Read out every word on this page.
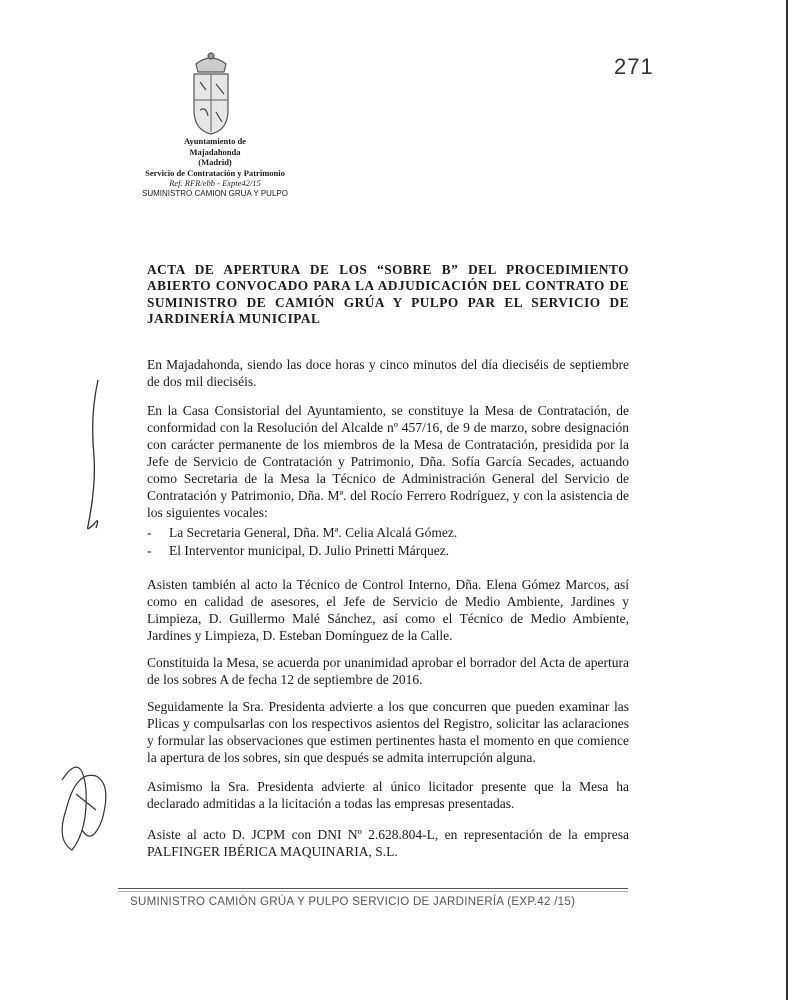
271
Ayuntamiento de
Majadahonda
(Madrid)
Servicio de Contratación y Patrimonio
Ref. RFR/ebb - Expte42/15
SUMINISTRO CAMION GRUA Y PULPO
ACTA DE APERTURA DE LOS “SOBRE B” DEL PROCEDIMIENTO ABIERTO CONVOCADO PARA LA ADJUDICACIÓN DEL CONTRATO DE SUMINISTRO DE CAMIÓN GRÚA Y PULPO PAR EL SERVICIO DE JARDINERÍA MUNICIPAL
En Majadahonda, siendo las doce horas y cinco minutos del día dieciséis de septiembre de dos mil dieciséis.
En la Casa Consistorial del Ayuntamiento, se constituye la Mesa de Contratación, de conformidad con la Resolución del Alcalde nº 457/16, de 9 de marzo, sobre designación con carácter permanente de los miembros de la Mesa de Contratación, presidida por la Jefe de Servicio de Contratación y Patrimonio, Dña. Sofía García Secades, actuando como Secretaria de la Mesa la Técnico de Administración General del Servicio de Contratación y Patrimonio, Dña. Mª. del Rocío Ferrero Rodríguez, y con la asistencia de los siguientes vocales:
-	La Secretaria General, Dña. Mª. Celia Alcalá Gómez.
-	El Interventor municipal, D. Julio Prinetti Márquez.
Asisten también al acto la Técnico de Control Interno, Dña. Elena Gómez Marcos, así como en calidad de asesores, el Jefe de Servicio de Medio Ambiente, Jardines y Limpieza, D. Guillermo Malé Sánchez, así como el Técnico de Medio Ambiente, Jardines y Limpieza, D. Esteban Domínguez de la Calle.
Constituida la Mesa, se acuerda por unanimidad aprobar el borrador del Acta de apertura de los sobres A de fecha 12 de septiembre de 2016.
Seguidamente la Sra. Presidenta advierte a los que concurren que pueden examinar las Plicas y compulsarlas con los respectivos asientos del Registro, solicitar las aclaraciones y formular las observaciones que estimen pertinentes hasta el momento en que comience la apertura de los sobres, sin que después se admita interrupción alguna.
Asimismo la Sra. Presidenta advierte al único licitador presente que la Mesa ha declarado admitidas a la licitación a todas las empresas presentadas.
Asiste al acto D. JCPM con DNI Nº 2.628.804-L, en representación de la empresa PALFINGER IBÉRICA MAQUINARIA, S.L.
SUMINISTRO CAMIÓN GRÚA Y PULPO SERVICIO DE JARDINERÍA (EXP.42 /15)
